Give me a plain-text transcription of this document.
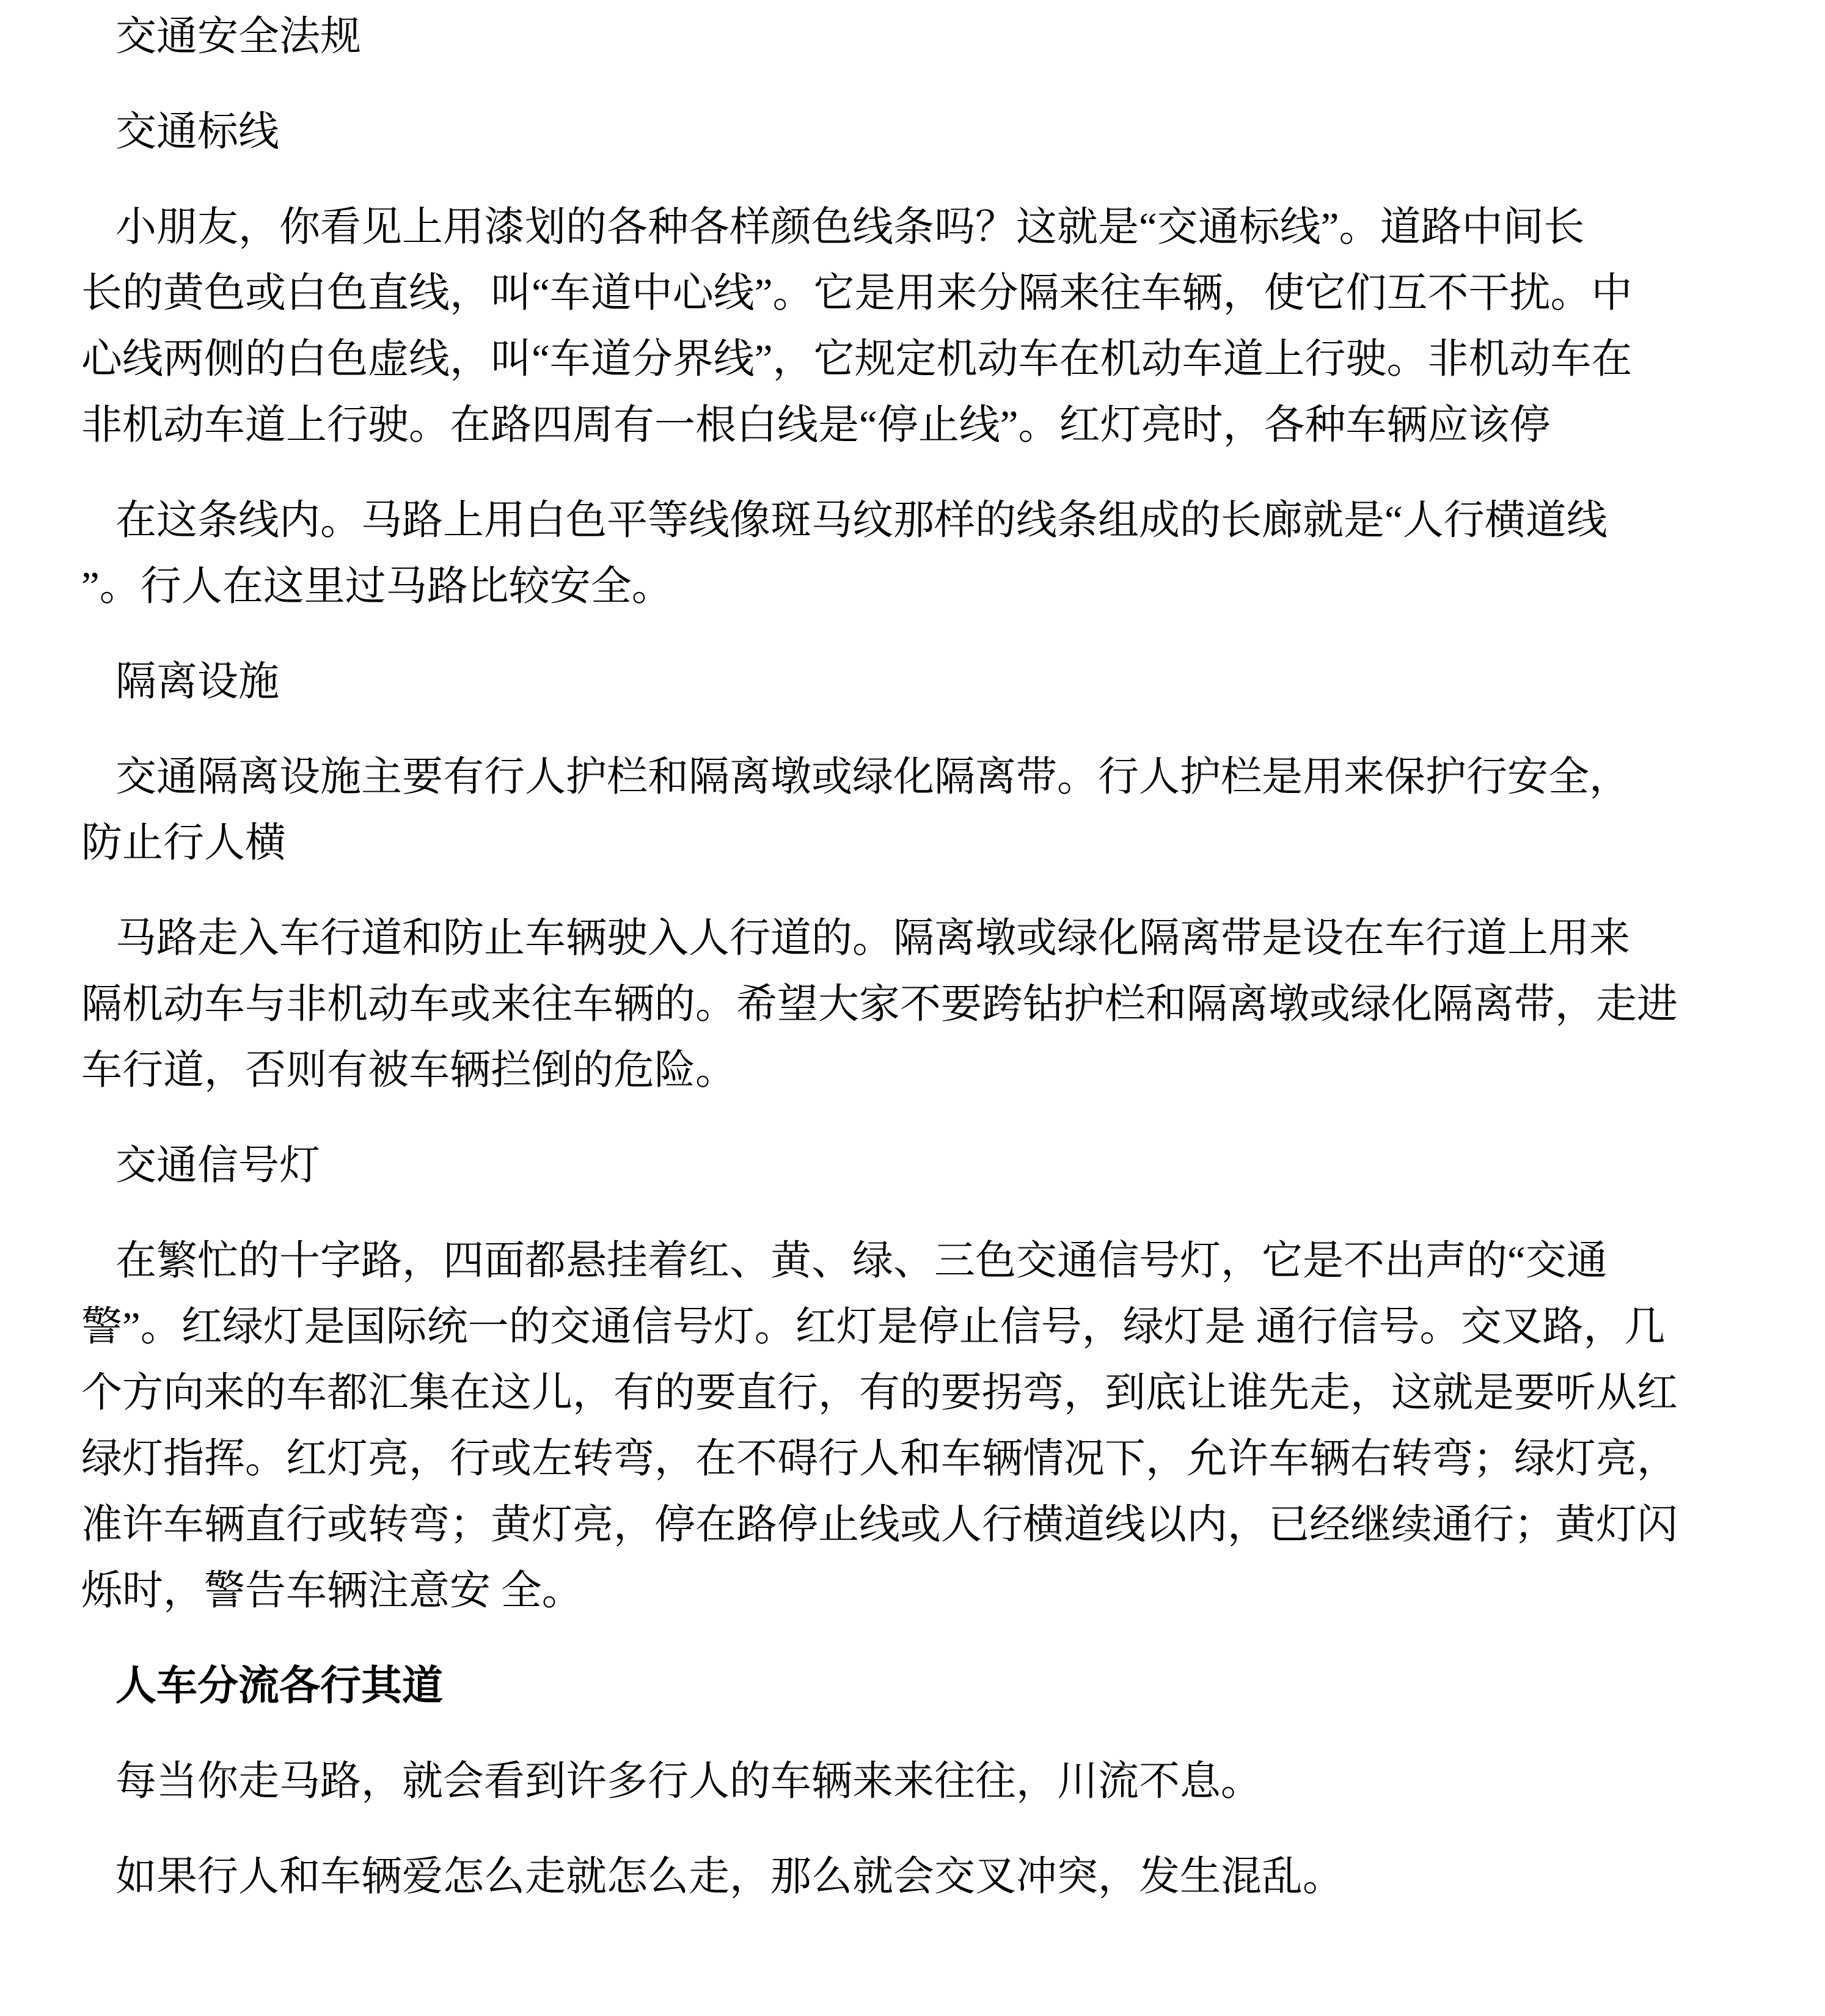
交通安全法规
交通标线
小朋友，你看见上用漆划的各种各样颜色线条吗？这就是“交通标线”。道路中间长
长的黄色或白色直线，叫“车道中心线”。它是用来分隔来往车辆，使它们互不干扰。中
心线两侧的白色虚线，叫“车道分界线”，它规定机动车在机动车道上行驶。非机动车在
非机动车道上行驶。在路四周有一根白线是“停止线”。红灯亮时，各种车辆应该停
在这条线内。马路上用白色平等线像斑马纹那样的线条组成的长廊就是“人行横道线
”。行人在这里过马路比较安全。
隔离设施
交通隔离设施主要有行人护栏和隔离墩或绿化隔离带。行人护栏是用来保护行安全，
防止行人横
马路走入车行道和防止车辆驶入人行道的。隔离墩或绿化隔离带是设在车行道上用来
隔机动车与非机动车或来往车辆的。希望大家不要跨钻护栏和隔离墩或绿化隔离带，走进
车行道，否则有被车辆拦倒的危险。
交通信号灯
在繁忙的十字路，四面都悬挂着红、黄、绿、三色交通信号灯，它是不出声的“交通
警”。红绿灯是国际统一的交通信号灯。红灯是停止信号，绿灯是 通行信号。交叉路，几
个方向来的车都汇集在这儿，有的要直行，有的要拐弯，到底让谁先走，这就是要听从红
绿灯指挥。红灯亮，行或左转弯，在不碍行人和车辆情况下，允许车辆右转弯；绿灯亮，
准许车辆直行或转弯；黄灯亮，停在路停止线或人行横道线以内，已经继续通行；黄灯闪
烁时，警告车辆注意安 全。
人车分流各行其道
每当你走马路，就会看到许多行人的车辆来来往往，川流不息。
如果行人和车辆爱怎么走就怎么走，那么就会交叉冲突，发生混乱。
